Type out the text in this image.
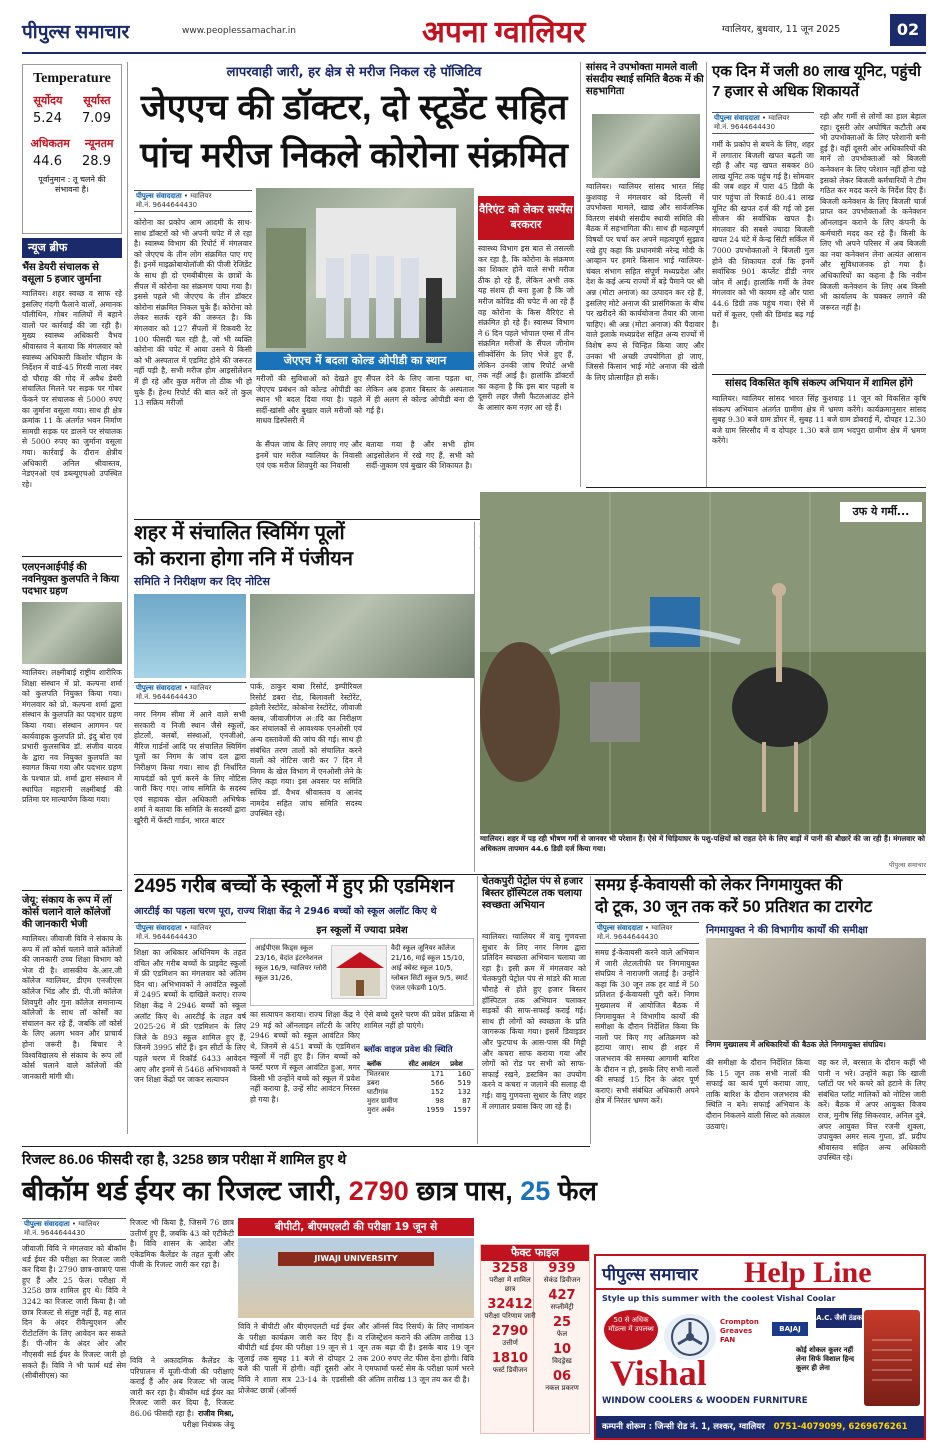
पीपुल्स समाचार	www.peoplessamachar.in	अपना ग्वालियर	ग्वालियर, बुधवार, 11 जून 2025	02
Temperature
सूर्योदय सूर्यास्त
5.24 7.09
अधिकतम न्यूनतम
44.6 28.9
पूर्वानुमान : तू चलने की संभावना है।
न्यूज ब्रीफ
भैंस डेयरी संचालक से वसूला 5 हजार जुर्माना
ग्वालियर। शहर स्वच्छ व साफ रहे इसलिए गंदगी फैलाने वालों, अमानक पॉलीथिन, गोबर नालियों में बहाने वालों पर कार्रवाई की जा रही है। मुख्य स्वास्थ्य अधिकारी वैभव श्रीवास्तव ने बताया कि मंगलवार को स्वास्थ्य अधिकारी किशोर चौहान के निर्देशन में वार्ड-45 गिरवी नाला नंबर दो चौराह की गोद में अवैध डेयरी संचालित मिलने पर सड़क पर गोबर फेंकने पर संचालक से 5000 रुपए का जुर्माना वसूला गया। साथ ही क्षेत्र क्रमांक 11 के अंतर्गत भवन निर्माण सामग्री सड़क पर डालने पर संचालक से 5000 रुपए का जुर्माना वसूला गया। कार्रवाई के दौरान क्षेत्रीय अधिकारी अनिल श्रीवास्तव, नेडएनओ एवं डब्ल्यूएचओ उपस्थित रहे।
एलएनआईपीई की नवनियुक्त कुलपति ने किया पदभार ग्रहण
ग्वालियर। लक्ष्मीबाई राष्ट्रीय शारीरिक शिक्षा संस्थान में प्रो. कल्पना शर्मा को कुलपति नियुक्त किया गया। मंगलवार को प्रो. कल्पना शर्मा द्वारा संस्थान के कुलपति का पदभार ग्रहण किया गया। संस्थान आगमन पर कार्यवाहक कुलपति प्रो. इंदु बोरा एवं प्रभारी कुलसचिव डॉ. संजीव यादव के द्वारा नव नियुक्त कुलपति का स्वागत किया गया और पदभार ग्रहण के पश्चात प्रो. शर्मा द्वारा संस्थान में स्थापित महारानी लक्ष्मीबाई की प्रतिमा पर माल्यार्पण किया गया।
जेयू: संकाय के रूप में लॉ कोर्स चलाने वाले कॉलेजों की जानकारी भेजी
ग्वालियर। जीवाजी विवि ने संकाय के रूप में लॉ कोर्स चलाने वाले कॉलेजों की जानकारी उच्च शिक्षा विभाग को भेज दी है। शासकीय के.आर.जी कॉलेज ग्वालियर, डीएम एनजीएस कॉलेज भिंड और डी. पी.जी कॉलेज शिवपुरी और गुना कॉलेज समानान्य कॉलेजों के साथ लॉ कोर्सों का संचालन कर रहे हैं, जबकि लॉ कोर्स के लिए अलग भवन और प्राचार्य होना जरूरी है। बिचार ने विश्वविद्यालय से संकाय के रूप लॉ कोर्स चलाने वाले कॉलेजों की जानकारी मांगी थी।
लापरवाही जारी, हर क्षेत्र से मरीज निकल रहे पॉजिटिव
जेएएच की डॉक्टर, दो स्टूडेंट सहित पांच मरीज निकले कोरोना संक्रमित
पीपुल्स संवाददाता • ग्वालियर
मो.नं. 9644644430
कोरोना का प्रकोप आम आदमी के साथ-साथ डॉक्टरों को भी अपनी चपेट में ले रहा है। स्वास्थ्य विभाग की रिपोर्ट में मंगलवार को जेएएच के तीन लोग संक्रमित पाए गए हैं। इनमें माइक्रोबायोलॉजी की पीजी रेजिडेंट के साथ ही दो एमबीबीएस के छात्रों के सैंपल में कोरोना का संक्रमण पाया गया है। इससे पहले भी जेएएच के तीन डॉक्टर कोरोना संक्रमित निकल चुके हैं। कोरोना को लेकर सतर्क रहने की जरूरत है। कि मंगलवार को 127 सैंपलों में रिकवरी रेट 100 फीसदी चल रही है, जो भी व्यक्ति कोरोना की चपेट में आया उसने ये किसी को भी अस्पताल में एडमिट होने की जरूरत नहीं पड़ी है, सभी मरीज होम आइसोलेशन में ही रहे और कुछ मरीज तो ठीक भी हो चुके हैं। हेल्थ रिपोर्ट की बात करें तो कुल 13 सक्रिय मरीजों
जेएएच में बदला कोल्ड ओपीडी का स्थान
मरीजों की सुविधाओं को देखते हुए जेएएच प्रबंधन को कोल्ड ओपीडी का स्थान भी बदल दिया गया है। पहले सर्दी-खांसी और बुखार वाले मरीजों को माधव डिस्पेंसरी में
सैंपल देने के लिए जाना पड़ता था, लेकिन अब हजार बिस्तर के अस्पताल में ही अलग से कोल्ड ओपीडी बना दी गई है।
के सैंपल जांच के लिए लगाए गए और इनमें चार मरीज ग्वालियर के निवासी एवं एक मरीज शिवपुरी का निवासी
बताया गया है और सभी होम आइसोलेशन में रखे गए हैं, सभी को सर्दी-जुकाम एवं बुखार की शिकायत है।
वैरिएंट को लेकर सस्पेंस बरकरार
स्वास्थ्य विभाग इस बात से तसल्ली कर रहा है, कि कोरोना के संक्रमण का शिकार होने वाले सभी मरीज ठीक हो रहे हैं, लेकिन अभी तक यह संशय ही बना हुआ है कि जो मरीज कोविड की चपेट में आ रहे हैं वह कोरोना के किस वैरिएंट से संक्रमित हो रहे हैं। स्वास्थ्य विभाग ने 6 दिन पहले भोपाल एम्स में तीन संक्रमित मरीजों के सैंपल जीनोम सीक्वेंसिंग के लिए भेजे हुए हैं, लेकिन उनकी जांच रिपोर्ट अभी तक नहीं आई है। हालांकि डॉक्टरों का कहना है कि इस बार पहली व दूसरी लहर जैसी फैटलआउट होने के आसार कम नज़र आ रहे हैं।
सांसद ने उपभोक्ता मामले वाली संसदीय स्थाई समिति बैठक में की सहभागिता
ग्वालियर। ग्वालियर सांसद भारत सिंह कुशवाह ने मंगलवार को दिल्ली में उपभोक्ता मामले, खाद्य और सार्वजनिक वितरण संबंधी संसदीय स्थायी समिति की बैठक में सहभागिता की। साथ ही महत्वपूर्ण विषयों पर चर्चा कर अपने महत्वपूर्ण सुझाव रखे हुए कहा कि प्रधानमंत्री नरेन्द्र मोदी के आव्हान पर हमारे किसान भाई ग्वालियर-चंबल संभाग सहित संपूर्ण मध्यप्रदेश और देश के कई अन्य राज्यों में बड़े पैमाने पर श्री अन्न (मोटा अनाज) का उत्पादन कर रहे हैं, इसलिए मोटे अनाज की प्रासंगिकता के बीच पर खरीदने की कार्ययोजना तैयार की जाना चाहिए। श्री अन्न (मोटा अनाज) की पैदावार वाले इलाके मध्यप्रदेश सहित अन्य राज्यों में विशेष रूप से चिन्हित किया जाए और उनका भी अच्छी उपयोगिता हो जाए, जिससे किसान भाई मोटे अनाज की खेती के लिए प्रोत्साहित हो सकें।
एक दिन में जली 80 लाख यूनिट, पहुंची 7 हजार से अधिक शिकायतें
पीपुल्स संवाददाता • ग्वालियर
मो.नं. 9644644430
गर्मी के प्रकोप से बचने के लिए, शहर में लगातार बिजली खपत बढ़ती जा रही है और यह खपत सबकर 80 लाख यूनिट तक पहुंच गई है। सोमवार की जब शहर में पारा 45 डिग्री के पार पहुंचा तो रिकार्ड 80.41 लाख यूनिट की खपत दर्ज की गई जो इस सीजन की सर्वाधिक खपत है। मंगलवार की सबसे ज्यादा बिजली खपत 24 घंटे में केन्द्र सिटी सर्किल में 7000 उपभोक्ताओं ने बिजली गुल होने की शिकायत दर्ज कि इनमें सर्वाधिक 901 कंप्लेंट डीडी नगर जोन में आईं। हालांकि गर्मी के तेवर मंगलवार को भी कायम रहे और पारा 44.6 डिग्री तक पहुंच गया। ऐसे में घरों में कूलर, एसी की डिमांड बढ़ गई है।
रही और गर्मी से लोगों का हाल बेहाल रहा। दूसरी ओर अघोषित कटौती अब भी उपभोक्ताओं के लिए परेशानी बनी हुई है। वहीं दूसरी ओर अधिकारियों की मानें तो उपभोक्ताओं को बिजली कनेक्शन के लिए परेशान नहीं होना पड़े इसको लेकर बिजली कर्मचारियों ने टीम गठित कर मदद करने के निर्देश दिए हैं। बिजली कनेक्शन के लिए बिजली चार्ज प्राप्त कर उपभोक्ताओं के कनेक्शन ऑनलाइन कराने के लिए कंपनी के कर्मचारी मदद कर रहे हैं। किसी के लिए भी अपने परिसर में अब बिजली का नया कनेक्शन लेना अत्यंत आसान और सुविधाजनक हो गया है। अधिकारियों का कहना है कि नवीन बिजली कनेक्शन के लिए अब किसी भी कार्यालय के चक्कर लगाने की जरूरत नहीं है।
सांसद विकसित कृषि संकल्प अभियान में शामिल होंगे
ग्वालियर। ग्वालियर सांसद भारत सिंह कुशवाह 11 जून को विकसित कृषि संकल्प अभियान अंतर्गत ग्रामीण क्षेत्र में भ्रमण करेंगे। कार्यक्रमानुसार सांसद सुबह 9.30 बजे ग्राम डोंगर में, सुबह 11 बजे ग्राम डोबराई में, दोपहर 12.30 बजे ग्राम सिरसौद में व दोपहर 1.30 बजे ग्राम भदपुरा ग्रामीण क्षेत्र में भ्रमण करेंगे।
शहर में संचालित स्विमिंग पूलों
को कराना होगा ननि में पंजीयन
समिति ने निरीक्षण कर दिए नोटिस
पीपुल्स संवाददाता • ग्वालियर
मो.नं. 9644644430
नगर निगम सीमा में आने वाले सभी सरकारी व निजी स्थान जैसे स्कूलों, होटलों, क्लबों, संस्थाओं, एनजीओ, मैरिज गार्डनों आदि पर संचालित स्विमिंग पूलों का निगम के जांच दल द्वारा निरीक्षण किया गया। साथ ही निर्धारित मापदंडों को पूर्ण करने के लिए नोटिस जारी किए गए। जांच समिति के सदस्य एवं सहायक खेल अधिकारी अभिषेक शर्मा ने बताया कि समिति के सदस्यों द्वारा खुरैरी में फेंस्टी गार्डन, भारत बाटर
पार्क, ठाकुर बाबा रिसोर्ट, इम्पीरियल रिसोर्ट डबरा रोड, बिलावली रेस्टोरेंट, हवेली रेस्टोरेंट, कोकोना रेस्टोरेंट, जीवाजी क्लब, जीवाजीगंज अादि का निरीक्षण कर संचालकों से आवश्यक एनओसी एवं अन्य दस्तावेजों की जांच की गई। साथ ही संबंधित तरण तालों को संचालित करने वालों को नोटिस जारी कर 7 दिन में निगम के खेल विभाग में एनओसी लेने के लिए कहा गया। इस अवसर पर समिति सचिव डॉ. वैभव श्रीवास्तव व आनंद नामदेव सहित जांच समिति सदस्य उपस्थित रहे।
उफ ये गर्मी...
ग्वालियर। शहर में पड़ रही भीषण गर्मी से जानवर भी परेशान हैं। ऐसे में चिड़ियाघर के पशु-पक्षियों को राहत देने के लिए बाड़ों में पानी की बौछारें की जा रही हैं। मंगलवार को अधिकतम तापमान 44.6 डिग्री दर्ज किया गया।
पीपुल्स समाचार
2495 गरीब बच्चों के स्कूलों में हुए फ्री एडमिशन
आरटीई का पहला चरण पूरा, राज्य शिक्षा केंद्र ने 2946 बच्चों को स्कूल अलॉट किए थे
पीपुल्स संवाददाता • ग्वालियर
मो.नं. 9644644430
शिक्षा का अधिकार अधिनियम के तहत वंचित और गरीब बच्चों के प्राइवेट स्कूलों में फ्री एडमिशन का मंगलवार को अंतिम दिन था। अभिभावकों ने आवंटित स्कूलों में 2495 बच्चों के दाखिले कराए। राज्य शिक्षा केंद्र ने 2946 बच्चों को स्कूल अलॉट किए थे। आरटीई के तहत वर्ष 2025-26 में फ्री एडमिशन के लिए जिले के 893 स्कूल शामिल हुए हैं, जिनमें 3995 सीटें हैं। इन सीटों के लिए पहले चरण में रिकॉर्ड 6433 आवेदन आए और इनमें से 5468 अभिभावकों ने जन शिक्षा केंद्रों पर जाकर सत्यापन
इन स्कूलों में ज्यादा प्रवेश
आईपीएस किड्स स्कूल 23/16, वेदांत इंटरनेशनल स्कूल 16/9, ग्वालियर ग्लोरी स्कूल 31/26,
वैदी स्कूल जूनियर कॉलेज 21/16, माई स्कूल 15/10, आई क्वेस्ट स्कूल 10/5, ग्लोबल सिटी स्कूल 9/5, स्मार्ट एंजल एकेडमी 10/5.
का सत्यापन कराया। राज्य शिक्षा केंद्र ने 29 मई को ऑनलाइन लॉटरी के जरिए 2946 बच्चों को स्कूल आवंटित किए थे, जिनमें से 451 बच्चों के एडमिशन स्कूलों में नहीं हुए हैं। जिन बच्चों को फर्स्ट चरण में स्कूल आवंटित हुआ, मगर किसी भी उन्होंने बच्चे को स्कूल में प्रवेश नहीं कराया है, उन्हें सीट आवंटन निरस्त हो गया है।
ऐसे बच्चे दूसरे चरण की प्रवेश प्रक्रिया में शामिल नहीं हो पाएंगे।
ब्लॉक वाइज प्रवेश की स्थिति
ब्लॉक	सीट आवंटन	प्रवेश
भितरवार	171	160
डबरा	566	519
घाटीगांव	152	132
मुरार ग्रामीण	98	87
मुरार अर्बन	1959	1597
चेतकपुरी पेट्रोल पंप से हजार बिस्तर हॉस्पिटल तक चलाया स्वच्छता अभियान
ग्वालियर। ग्वालियर में वायु गुणवत्ता सुधार के लिए नगर निगम द्वारा प्रतिदिन स्वच्छता अभियान चलाया जा रहा है। इसी क्रम में मंगलवार को चेतकपुरी पेट्रोल पंप से मांडरे की माता चौराहे से होते हुए हजार बिस्तर हॉस्पिटल तक अभियान चलाकर सड़कों की साफ-सफाई कराई गई। साथ ही लोगों को स्वच्छता के प्रति जागरूक किया गया। इसमें डिवाइडर और फुटपाथ के आस-पास की मिट्टी और कचरा साफ कराया गया और लोगों को रोड पर सभी को साफ-सफाई रखने, डस्टबिन का उपयोग करने व कचरा न जलाने की सलाह दी गई। वायु गुणवत्ता सुधार के लिए शहर में लगातार प्रयास किए जा रहे हैं।
समग्र ई-केवायसी को लेकर निगमायुक्त की
दो टूक, 30 जून तक करें 50 प्रतिशत का टारगेट
निगमायुक्त ने की विभागीय कार्यों की समीक्षा
पीपुल्स संवाददाता • ग्वालियर
मो.नं. 9644644430
समग्र ई-केवायसी करने वाले अभियान में जारी लेटलतीफी पर निगमायुक्त संघप्रिय ने नाराजगी जताई है। उन्होंने कहा कि 30 जून तक हर वार्ड में 50 प्रतिशत ई-केवायसी पूरी करें। निगम मुख्यालय में आयोजित बैठक में निगमायुक्त ने विभागीय कार्यों की समीक्षा के दौरान निर्देशित किया कि नालों पर किए गए अतिक्रमण को हटाया जाए। साथ ही शहर में जलभराव की समस्या आगामी बारिश के दौरान न हो, इसके लिए सभी नालों की सफाई 15 दिन के अंदर पूर्ण कराएं। सभी संबंधित अधिकारी अपने क्षेत्र में निरंतर भ्रमण करें।
निगम मुख्यालय में अधिकारियों की बैठक लेते निगमायुक्त संघप्रिय।
की समीक्षा के दौरान निर्देशित किया कि 15 जून तक सभी नालों की सफाई का कार्य पूर्ण कराया जाए, ताकि बारिश के दौरान जलभराव की स्थिति न बने। सफाई अभियान के दौरान निकलने वाली सिल्ट को तत्काल उठवाएं।
वह कर लें, बरसात के दौरान कहीं भी पानी न भरे। उन्होंने कहा कि खाली प्लॉटों पर भरे कचरे को हटाने के लिए संबंधित प्लॉट मालिकों को नोटिस जारी करें। बैठक में अपर आयुक्त विजय राज, मुनीष सिंह सिकरवार, अनिल दुबे, अपर आयुक्त वित्त रजनी शुक्ला, उपायुक्त अमर सत्य गुप्ता, डॉ. प्रदीप श्रीवास्तव सहित अन्य अधिकारी उपस्थित रहे।
रिजल्ट 86.06 फीसदी रहा है, 3258 छात्र परीक्षा में शामिल हुए थे
बीकॉम थर्ड ईयर का रिजल्ट जारी, 2790 छात्र पास, 25 फेल
पीपुल्स संवाददाता • ग्वालियर
मो.नं. 9644644430
जीवाजी विवि ने मंगलवार को बीकॉम थर्ड ईयर की परीक्षा का रिजल्ट जारी कर दिया है। 2790 छात्र-छात्राएं पास हुए हैं और 25 फेल। परीक्षा में 3258 छात्र शामिल हुए थे। विवि ने 3242 का रिजल्ट जारी किया है। जो छात्र रिजल्ट से संतुष्ट नहीं हैं, वह सात दिन के अंदर रीवैल्युएशन और रीटोटलिंग के लिए आवेदन कर सकते हैं। पी-जीन के अंदर ओर और नौएसवी सर्ड ईयर के रिजल्ट जारी हो सकते हैं। विवि ने भी फार्म थर्ड सेम (सीबीसीएस) का
रिजल्ट भी किया है, जिसमें 76 छात्र उत्तीर्ण हुए हैं, जबकि 43 को एटीकेटी है। विवि शासन के आदेश और एकेडमिक कैलेंडर के तहत यूजी और पीजी के रिजल्ट जारी कर रहा है।
बीपीटी, बीएमएलटी की परीक्षा 19 जून से
JIWAJI UNIVERSITY
विवि ने बीपीटी और बीएमएलटी थर्ड ईयर के परीक्षा कार्यक्रम जारी कर दिए हैं। बीपीटी थर्ड ईयर की परीक्षा 19 जून से 1 जुलाई तक सुबह 11 बजे से दोपहर 2 बजे की पाली में होगी। वहीं दूसरी ओर विवि ने शाला सत्र 23-14 के एडसीसी प्रोजेक्ट छात्रों (ऑनर्स
और ऑनर्स विद रिसर्च) के लिए नामांकन व रजिस्ट्रेशन कराने की अंतिम तारीख 13 जून तक बढ़ा दी है। इसके बाद 19 जून तक 200 रुपए लेट फीस देना होगी। विवि ने एमफार्मा फर्स्ट सेम के परीक्षा फार्म भरने की अंतिम तारीख 13 जून तय कर दी है।
विवि ने अकादमिक कैलेंडर के परिपालन में यूजी-पीजी की परीक्षाएं कराईं हैं और अब रिजल्ट भी जल्द जारी कर रहा है। बीकॉम थर्ड ईयर का रिजल्ट जारी कर दिया है, रिजल्ट 86.06 फीसदी रहा है। राजीव मिश्रा,
परीक्षा नियंत्रक जेयू
फैक्ट फाइल
3258
परीक्षा में शामिल छात्र
32412
परीक्षा परिणाम जारी
2790
उत्तीर्ण
1810
फर्स्ट डिवीजन
939
सेकंड डिवीजन
427
सप्लीमेंट्री
25
फेल
10
विदड्रेस्ड
06
नकल प्रकरण
पीपुल्स समाचार Help Line
Style up this summer with the coolest Vishal Coolar
50 से अधिक मॉडल्स में उपलब्ध
Crompton Greaves FAN
BAJAJ
A.C. जैसी ठंडक
Vishal
कोई शोकल कूलर नहीं लेना सिर्फ विशाल हिन्द कूलर ही लेना
WINDOW COOLERS & WOODEN FURNITURE
कम्पनी शोरूम : जिन्सी रोड नं. 1, लश्कर, ग्वालियर 0751-4079099, 6269676261
